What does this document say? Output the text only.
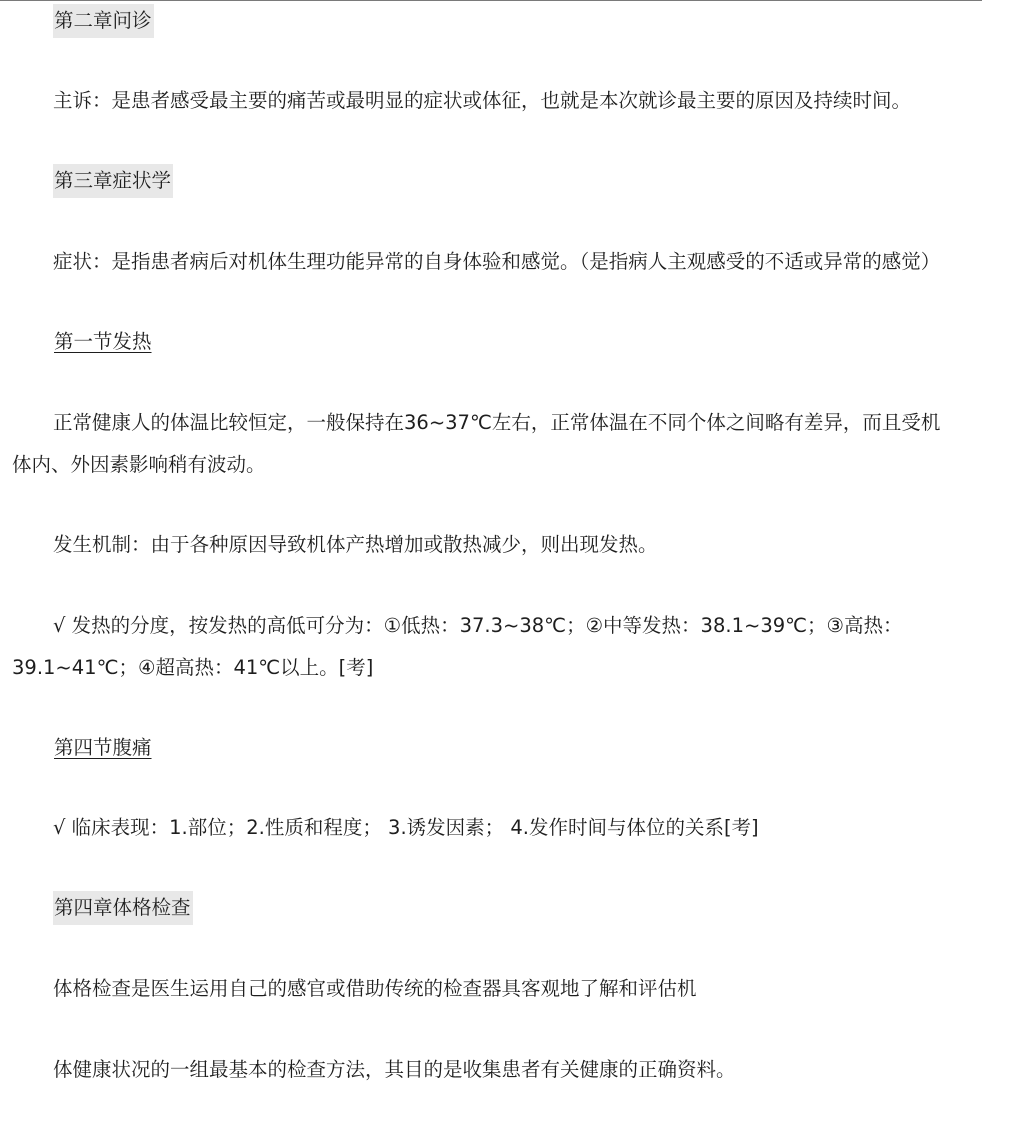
第二章问诊
主诉：是患者感受最主要的痛苦或最明显的症状或体征，也就是本次就诊最主要的原因及持续时间。
第三章症状学
症状：是指患者病后对机体生理功能异常的自身体验和感觉。（是指病人主观感受的不适或异常的感觉）
第一节发热
正常健康人的体温比较恒定，一般保持在36~37℃左右，正常体温在不同个体之间略有差异，而且受机
体内、外因素影响稍有波动。
发生机制：由于各种原因导致机体产热增加或散热减少，则出现发热。
√ 发热的分度，按发热的高低可分为：①低热：37.3~38℃；②中等发热：38.1~39℃；③高热：
39.1~41℃；④超高热：41℃以上。[考]
第四节腹痛
√ 临床表现：1.部位；2.性质和程度； 3.诱发因素； 4.发作时间与体位的关系[考]
第四章体格检查
体格检查是医生运用自己的感官或借助传统的检查器具客观地了解和评估机
体健康状况的一组最基本的检查方法，其目的是收集患者有关健康的正确资料。
